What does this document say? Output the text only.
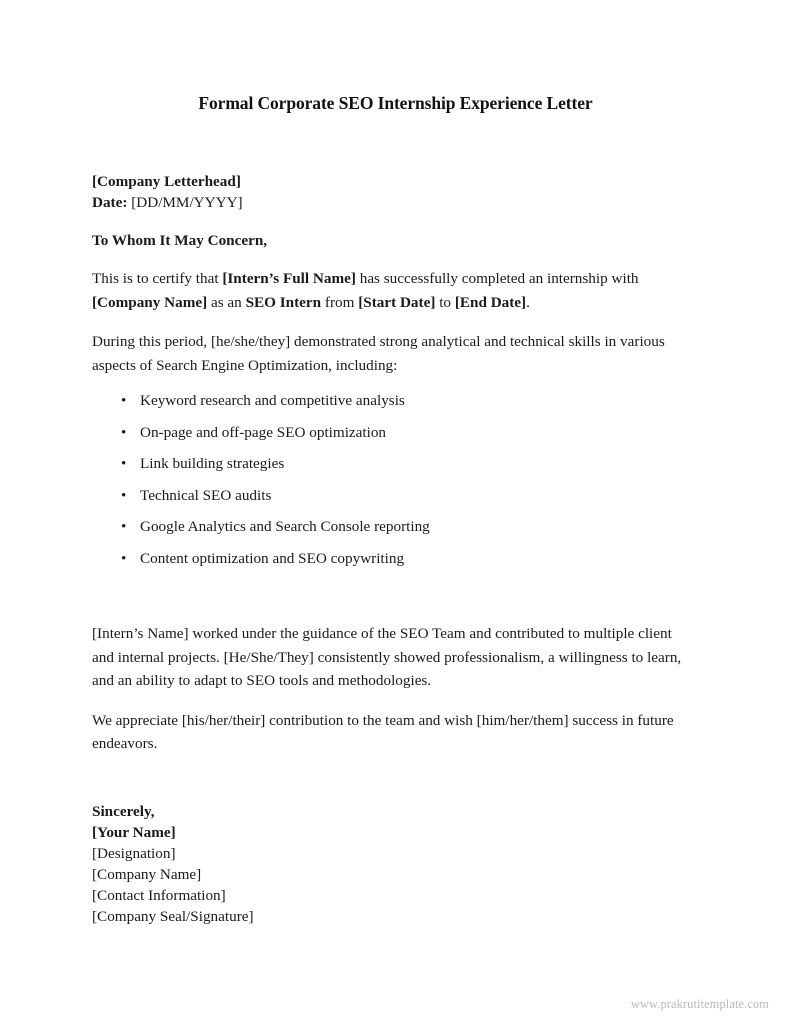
Formal Corporate SEO Internship Experience Letter
[Company Letterhead]
Date: [DD/MM/YYYY]
To Whom It May Concern,

This is to certify that [Intern’s Full Name] has successfully completed an internship with [Company Name] as an SEO Intern from [Start Date] to [End Date].

During this period, [he/she/they] demonstrated strong analytical and technical skills in various aspects of Search Engine Optimization, including:

• Keyword research and competitive analysis
• On-page and off-page SEO optimization
• Link building strategies
• Technical SEO audits
• Google Analytics and Search Console reporting
• Content optimization and SEO copywriting

[Intern’s Name] worked under the guidance of the SEO Team and contributed to multiple client and internal projects. [He/She/They] consistently showed professionalism, a willingness to learn, and an ability to adapt to SEO tools and methodologies.

We appreciate [his/her/their] contribution to the team and wish [him/her/them] success in future endeavors.

Sincerely,
[Your Name]
[Designation]
[Company Name]
[Contact Information]
[Company Seal/Signature]
www.prakrutitemplate.com
